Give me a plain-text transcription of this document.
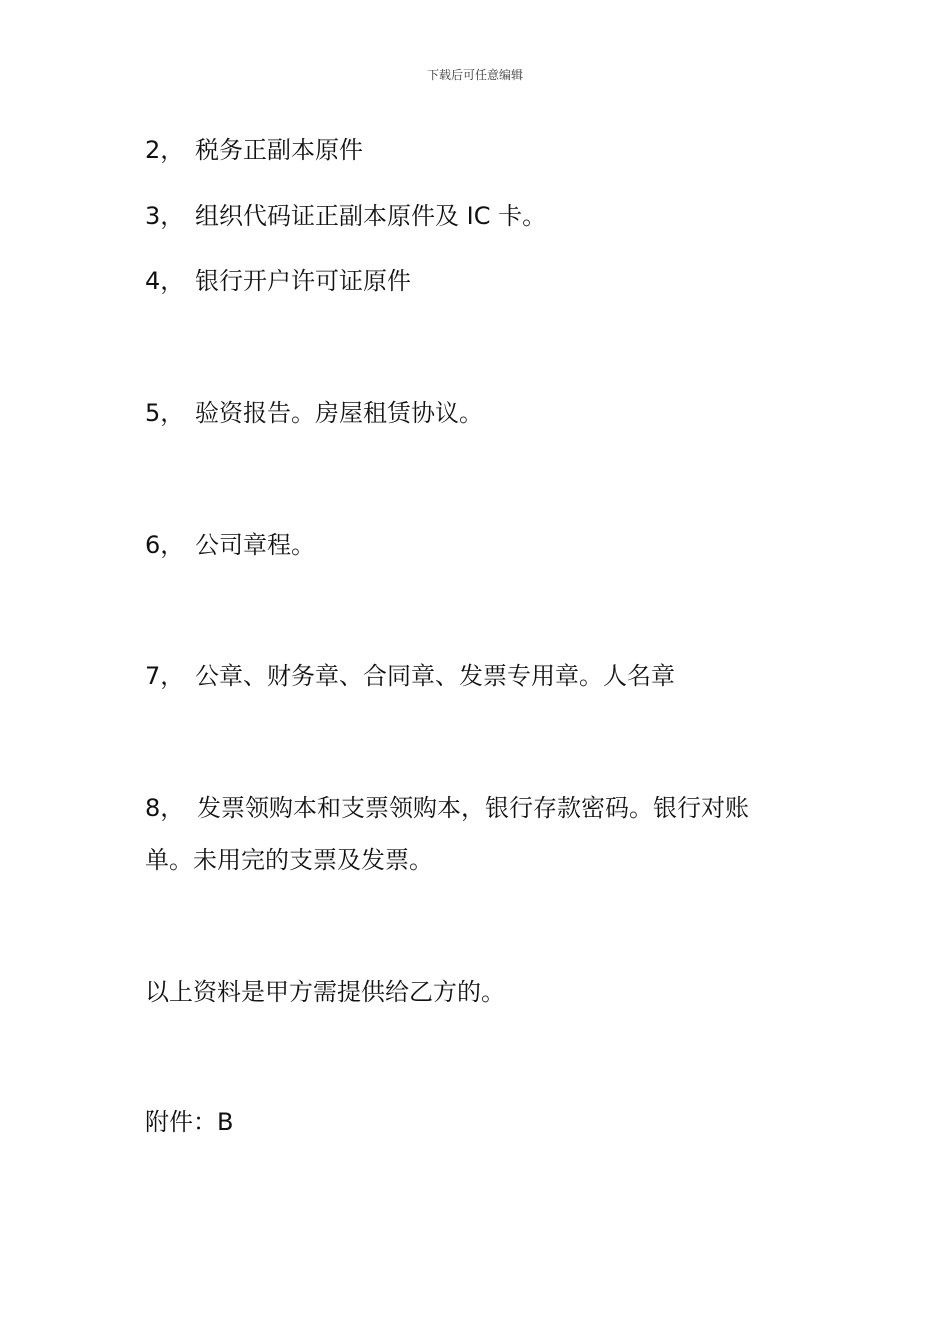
下载后可任意编辑
2， 税务正副本原件
3， 组织代码证正副本原件及 IC 卡。
4， 银行开户许可证原件
5， 验资报告。房屋租赁协议。
6， 公司章程。
7， 公章、财务章、合同章、发票专用章。人名章
8， 发票领购本和支票领购本，银行存款密码。银行对账
单。未用完的支票及发票。
以上资料是甲方需提供给乙方的。
附件：B
